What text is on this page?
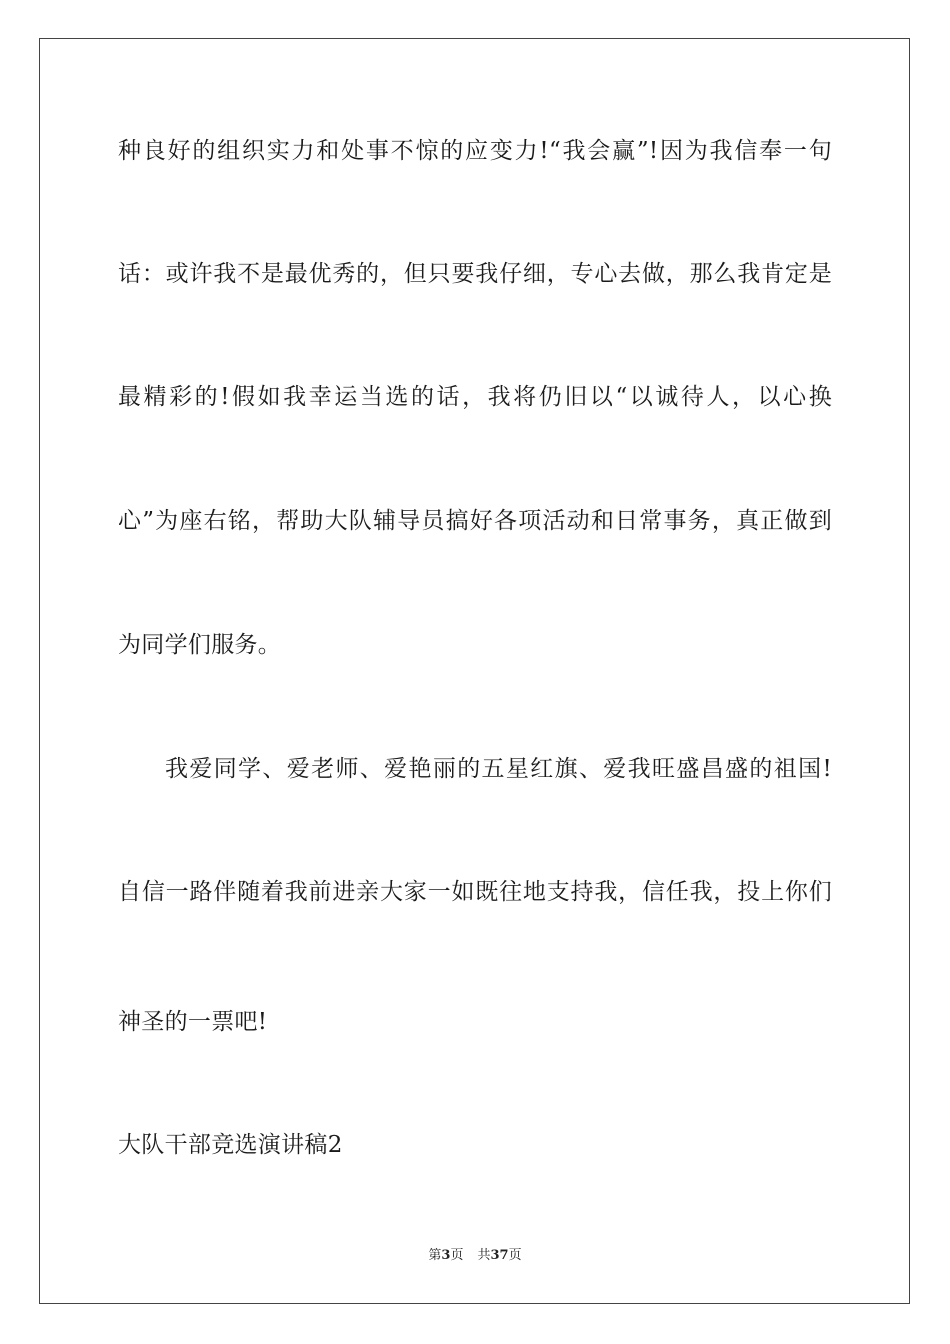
种良好的组织实力和处事不惊的应变力!“我会赢”!因为我信奉一句
话：或许我不是最优秀的，但只要我仔细，专心去做，那么我肯定是
最精彩的!假如我幸运当选的话，我将仍旧以“以诚待人，以心换
心”为座右铭，帮助大队辅导员搞好各项活动和日常事务，真正做到
为同学们服务。
我爱同学、爱老师、爱艳丽的五星红旗、爱我旺盛昌盛的祖国!
自信一路伴随着我前进亲大家一如既往地支持我，信任我，投上你们
神圣的一票吧!
大队干部竞选演讲稿2
第3页 共37页
